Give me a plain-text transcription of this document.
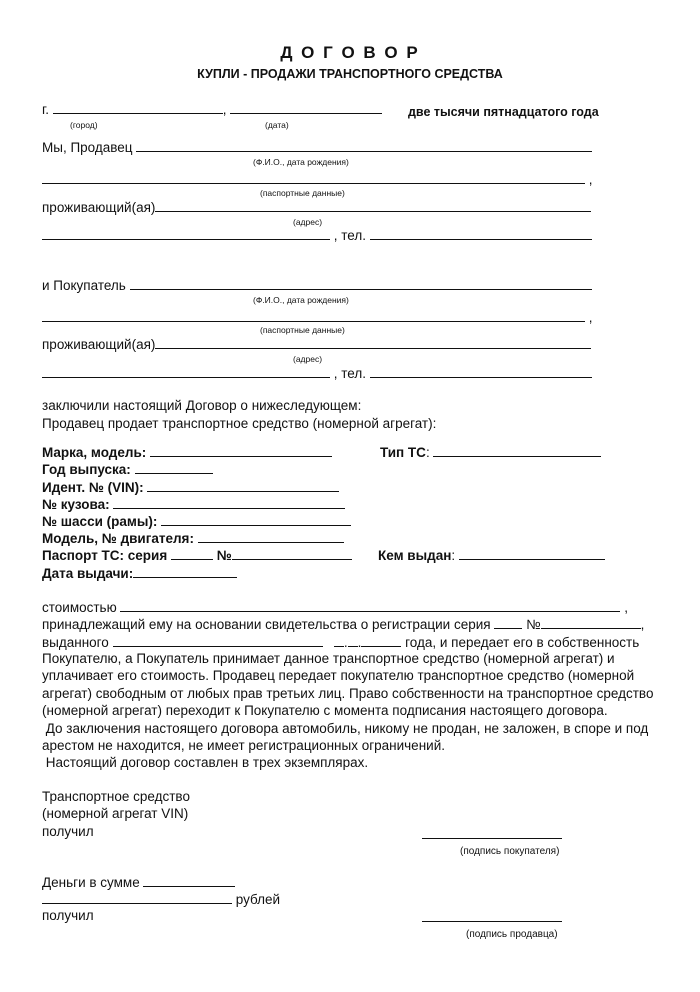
Д О Г О В О Р
КУПЛИ - ПРОДАЖИ ТРАНСПОРТНОГО СРЕДСТВА
г.	,	две тысячи пятнадцатого года
(город)	(дата)
Мы, Продавец
(Ф.И.О., дата рождения)
,
(паспортные данные)
проживающий(ая)
(адрес)
, тел.
и Покупатель
(Ф.И.О., дата рождения)
,
(паспортные данные)
проживающий(ая)
(адрес)
, тел.
заключили настоящий Договор о нижеследующем:
Продавец продает транспортное средство (номерной агрегат):
Марка, модель:	Тип ТС:
Год выпуска:
Идент. № (VIN):
№ кузова:
№ шасси (рамы):
Модель, № двигателя:
Паспорт ТС: серия	№	Кем выдан:
Дата выдачи:
стоимостью	,
принадлежащий ему на основании свидетельства о регистрации серия	№	,
выданного	. .	года, и передает его в собственность
Покупателю, а Покупатель принимает данное транспортное средство (номерной агрегат) и
уплачивает его стоимость. Продавец передает покупателю транспортное средство (номерной
агрегат) свободным от любых прав третьих лиц. Право собственности на транспортное средство
(номерной агрегат) переходит к Покупателю с момента подписания настоящего договора.
До заключения настоящего договора автомобиль, никому не продан, не заложен, в споре и под
арестом не находится, не имеет регистрационных ограничений.
Настоящий договор составлен в трех экземплярах.
Транспортное средство
(номерной агрегат VIN)
получил
(подпись покупателя)
Деньги в сумме
рублей
получил
(подпись продавца)
